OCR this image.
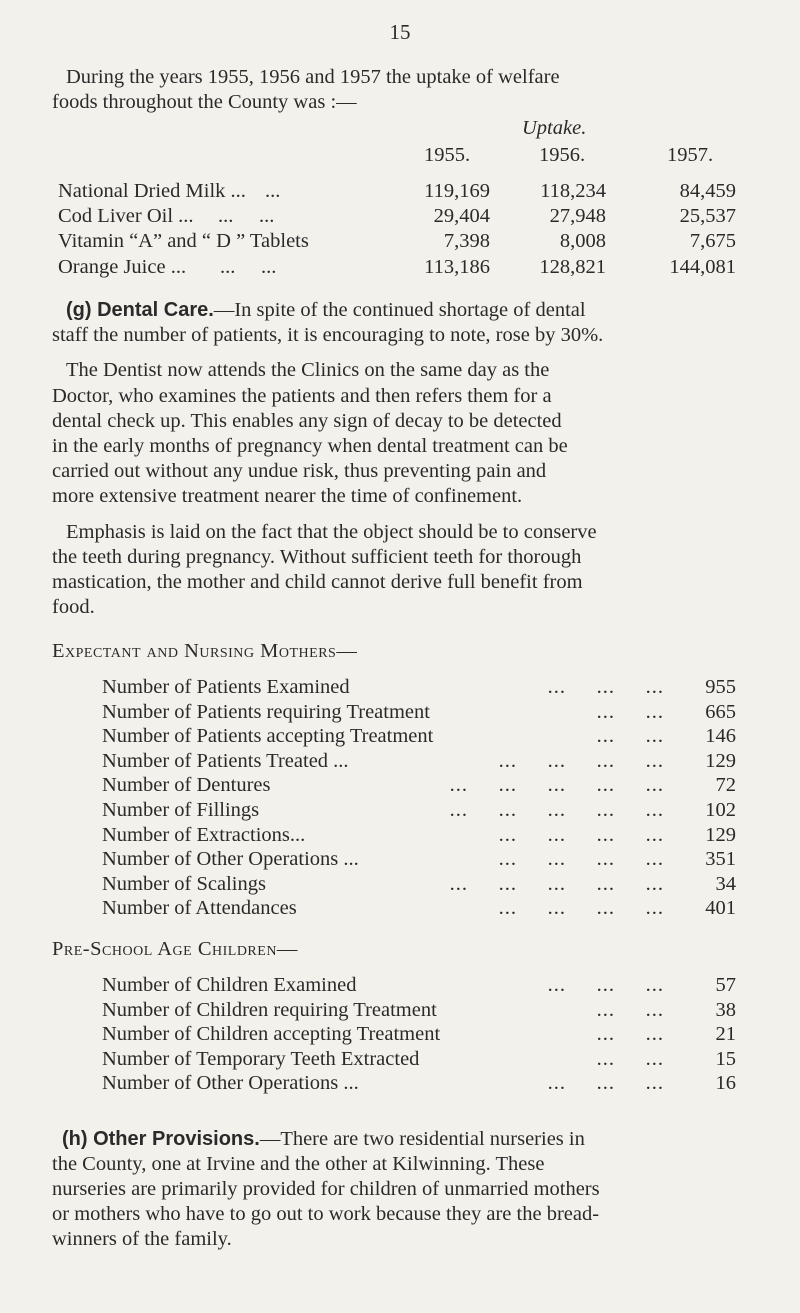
15
During the years 1955, 1956 and 1957 the uptake of welfare
foods throughout the County was :—
Uptake.
1955.	1956.	1957.
National Dried Milk ... ...	119,169	118,234	84,459
Cod Liver Oil ... ...     ...	29,404	27,948	25,537
Vitamin “A” and “ D ” Tablets	7,398	8,008	7,675
Orange Juice ... ...     ...	113,186	128,821	144,081
(g) Dental Care.—In spite of the continued shortage of dental
staff the number of patients, it is encouraging to note, rose by 30%.
The Dentist now attends the Clinics on the same day as the
Doctor, who examines the patients and then refers them for a
dental check up. This enables any sign of decay to be detected
in the early months of pregnancy when dental treatment can be
carried out without any undue risk, thus preventing pain and
more extensive treatment nearer the time of confinement.
Emphasis is laid on the fact that the object should be to conserve
the teeth during pregnancy. Without sufficient teeth for thorough
mastication, the mother and child cannot derive full benefit from
food.
Expectant and Nursing Mothers—
Number of Patients Examined	...     ...     ...	955
Number of Patients requiring Treatment	...     ...	665
Number of Patients accepting Treatment	...     ...	146
Number of Patients Treated ...	...     ...     ...     ...	129
Number of Dentures	...     ...     ...     ...     ...	72
Number of Fillings	...     ...     ...     ...     ...	102
Number of Extractions...	...     ...     ...     ...	129
Number of Other Operations ...	...     ...     ...     ...	351
Number of Scalings	...     ...     ...     ...     ...	34
Number of Attendances	...     ...     ...     ...	401
Pre-School Age Children—
Number of Children Examined	...     ...     ...	57
Number of Children requiring Treatment	...     ...	38
Number of Children accepting Treatment	...     ...	21
Number of Temporary Teeth Extracted	...     ...	15
Number of Other Operations ...	...     ...     ...	16
(h) Other Provisions.—There are two residential nurseries in
the County, one at Irvine and the other at Kilwinning. These
nurseries are primarily provided for children of unmarried mothers
or mothers who have to go out to work because they are the bread-
winners of the family.
